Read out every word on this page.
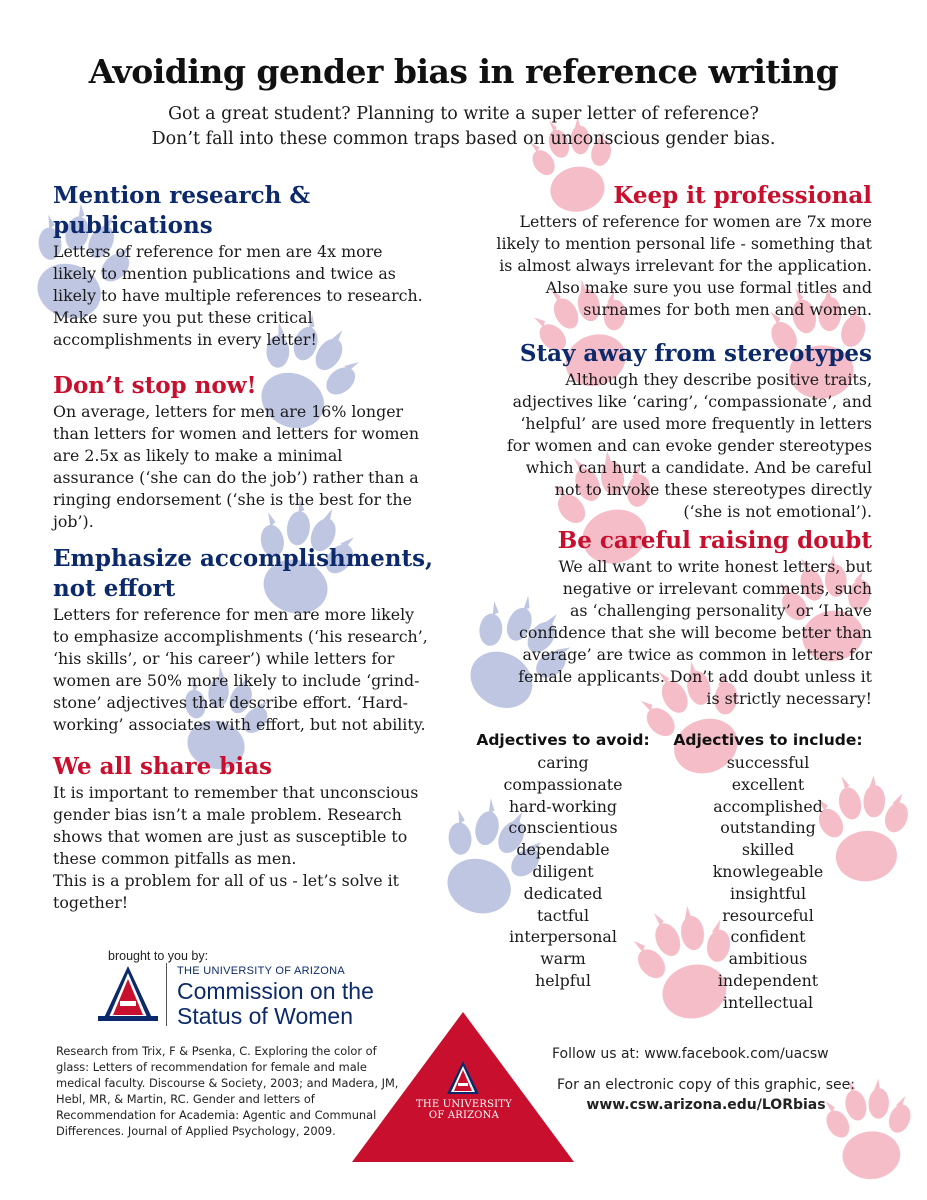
Avoiding gender bias in reference writing
Got a great student? Planning to write a super letter of reference?
Don’t fall into these common traps based on unconscious gender bias.
Mention research &
publications

Letters of reference for men are 4x more
likely to mention publications and twice as
likely to have multiple references to research.
Make sure you put these critical
accomplishments in every letter!

Don’t stop now!

On average, letters for men are 16% longer
than letters for women and letters for women
are 2.5x as likely to make a minimal
assurance (‘she can do the job’) rather than a
ringing endorsement (‘she is the best for the
job’).

Emphasize accomplishments,
not effort

Letters for reference for men are more likely
to emphasize accomplishments (‘his research’,
‘his skills’, or ‘his career’) while letters for
women are 50% more likely to include ‘grind-
stone’ adjectives that describe effort. ‘Hard-
working’ associates with effort, but not ability.

We all share bias

It is important to remember that unconscious
gender bias isn’t a male problem. Research
shows that women are just as susceptible to
these common pitfalls as men.
This is a problem for all of us - let’s solve it
together!

Keep it professional

Letters of reference for women are 7x more
likely to mention personal life - something that
is almost always irrelevant for the application.
Also make sure you use formal titles and
surnames for both men and women.

Stay away from stereotypes

Although they describe positive traits,
adjectives like ‘caring’, ‘compassionate’, and
‘helpful’ are used more frequently in letters
for women and can evoke gender stereotypes
which can hurt a candidate. And be careful
not to invoke these stereotypes directly
(‘she is not emotional’).

Be careful raising doubt

We all want to write honest letters, but
negative or irrelevant comments, such
as ‘challenging personality’ or ‘I have
confidence that she will become better than
average’ are twice as common in letters for
female applicants. Don’t add doubt unless it
is strictly necessary!

Adjectives to avoid:
caring
compassionate
hard-working
conscientious
dependable
diligent
dedicated
tactful
interpersonal
warm
helpful
Adjectives to include:
successful
excellent
accomplished
outstanding
skilled
knowlegeable
insightful
resourceful
confident
ambitious
independent
intellectual
brought to you by:
THE UNIVERSITY OF ARIZONA
Commission on the
Status of Women
Research from Trix, F & Psenka, C. Exploring the color of glass: Letters of recommendation for female and male medical faculty. Discourse & Society, 2003; and Madera, JM, Hebl, MR, & Martin, RC. Gender and letters of Recommendation for Academia: Agentic and Communal Differences. Journal of Applied Psychology, 2009.
THE UNIVERSITY
OF ARIZONA
Follow us at: www.facebook.com/uacsw
For an electronic copy of this graphic, see:
www.csw.arizona.edu/LORbias
